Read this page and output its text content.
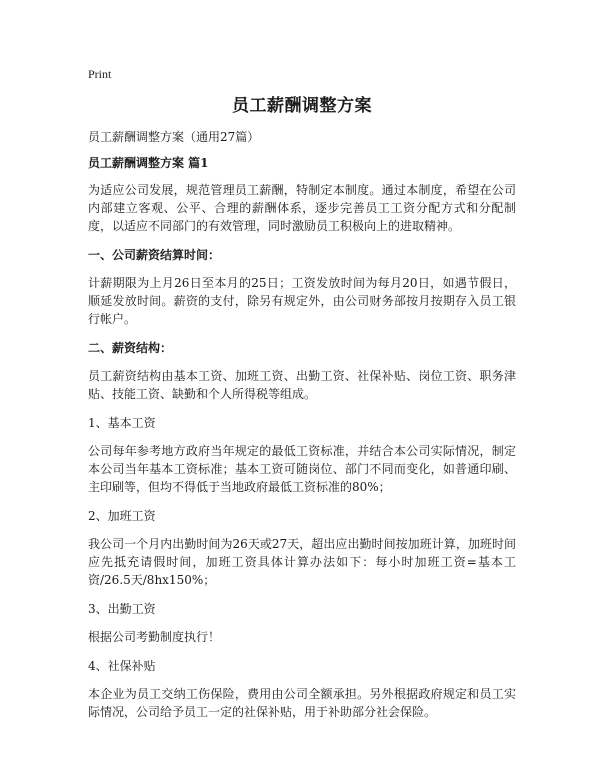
Print
员工薪酬调整方案

员工薪酬调整方案（通用27篇）

员工薪酬调整方案 篇1

为适应公司发展，规范管理员工薪酬，特制定本制度。通过本制度，希望在公司内部建立客观、公平、合理的薪酬体系，逐步完善员工工资分配方式和分配制度，以适应不同部门的有效管理，同时激励员工积极向上的进取精神。

一、公司薪资结算时间：

计薪期限为上月26日至本月的25日；工资发放时间为每月20日，如遇节假日，顺延发放时间。薪资的支付，除另有规定外，由公司财务部按月按期存入员工银行帐户。

二、薪资结构：

员工薪资结构由基本工资、加班工资、出勤工资、社保补贴、岗位工资、职务津贴、技能工资、缺勤和个人所得税等组成。

1、基本工资

公司每年参考地方政府当年规定的最低工资标准，并结合本公司实际情况，制定本公司当年基本工资标准；基本工资可随岗位、部门不同而变化，如普通印刷、主印刷等，但均不得低于当地政府最低工资标准的80%；

2、加班工资

我公司一个月内出勤时间为26天或27天，超出应出勤时间按加班计算，加班时间应先抵充请假时间，加班工资具体计算办法如下：每小时加班工资=基本工资/26.5天/8hx150%；

3、出勤工资

根据公司考勤制度执行！

4、社保补贴

本企业为员工交纳工伤保险，费用由公司全额承担。另外根据政府规定和员工实际情况，公司给予员工一定的社保补贴，用于补助部分社会保险。
